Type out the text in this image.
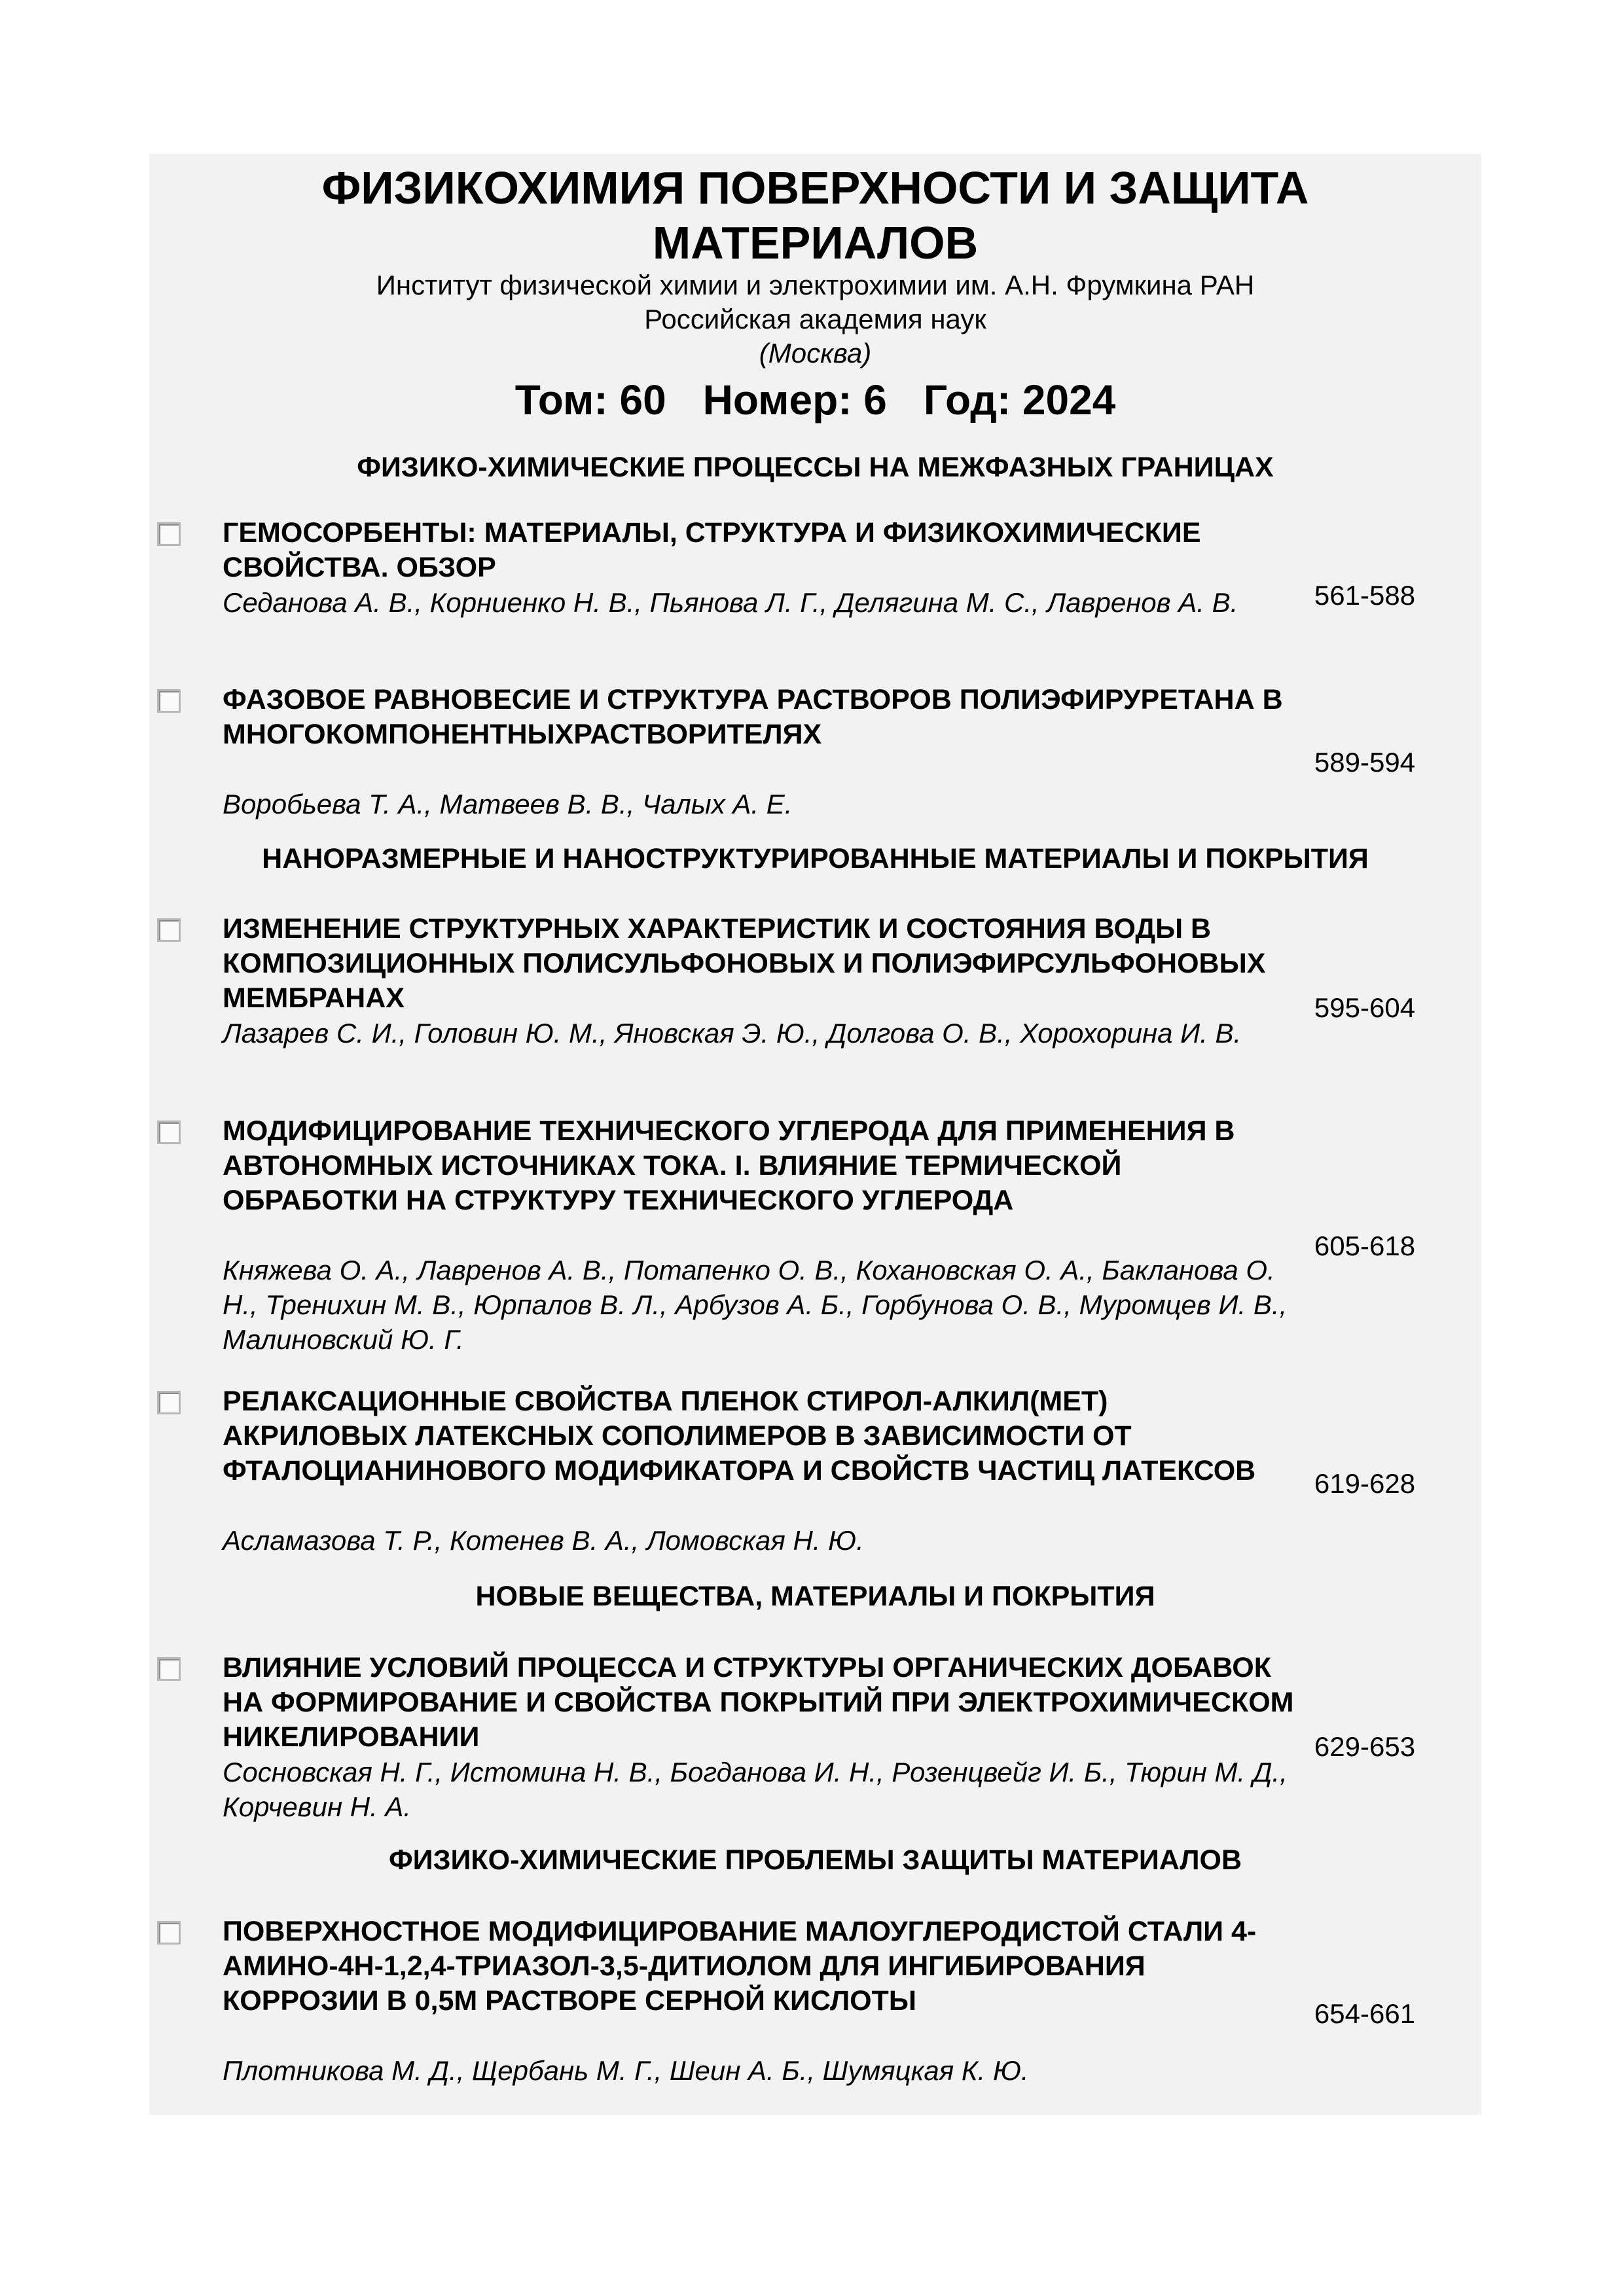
ФИЗИКОХИМИЯ ПОВЕРХНОСТИ И ЗАЩИТА
МАТЕРИАЛОВ
Институт физической химии и электрохимии им. А.Н. Фрумкина РАН
Российская академия наук
(Москва)
Том: 60 Номер: 6 Год: 2024
ФИЗИКО-ХИМИЧЕСКИЕ ПРОЦЕССЫ НА МЕЖФАЗНЫХ ГРАНИЦАХ

ГЕМОСОРБЕНТЫ: МАТЕРИАЛЫ, СТРУКТУРА И ФИЗИКОХИМИЧЕСКИЕ СВОЙСТВА. ОБЗОР

Седанова А. В., Корниенко Н. В., Пьянова Л. Г., Делягина М. С., Лавренов А. В.	561-588

ФАЗОВОЕ РАВНОВЕСИЕ И СТРУКТУРА РАСТВОРОВ ПОЛИЭФИРУРЕТАНА В МНОГОКОМПОНЕНТНЫХРАСТВОРИТЕЛЯХ

Воробьева Т. А., Матвеев В. В., Чалых А. Е.

589-594
НАНОРАЗМЕРНЫЕ И НАНОСТРУКТУРИРОВАННЫЕ МАТЕРИАЛЫ И ПОКРЫТИЯ

ИЗМЕНЕНИЕ СТРУКТУРНЫХ ХАРАКТЕРИСТИК И СОСТОЯНИЯ ВОДЫ В КОМПОЗИЦИОННЫХ ПОЛИСУЛЬФОНОВЫХ И ПОЛИЭФИРСУЛЬФОНОВЫХ МЕМБРАНАХ

Лазарев С. И., Головин Ю. М., Яновская Э. Ю., Долгова О. В., Хорохорина И. В.

595-604

МОДИФИЦИРОВАНИЕ ТЕХНИЧЕСКОГО УГЛЕРОДА ДЛЯ ПРИМЕНЕНИЯ В АВТОНОМНЫХ ИСТОЧНИКАХ ТОКА. I. ВЛИЯНИЕ ТЕРМИЧЕСКОЙ ОБРАБОТКИ НА СТРУКТУРУ ТЕХНИЧЕСКОГО УГЛЕРОДА

Княжева О. А., Лавренов А. В., Потапенко О. В., Кохановская О. А., Бакланова О. Н., Тренихин М. В., Юрпалов В. Л., Арбузов А. Б., Горбунова О. В., Муромцев И. В., Малиновский Ю. Г.

605-618

РЕЛАКСАЦИОННЫЕ СВОЙСТВА ПЛЕНОК СТИРОЛ-АЛКИЛ(МЕТ) АКРИЛОВЫХ ЛАТЕКСНЫХ СОПОЛИМЕРОВ В ЗАВИСИМОСТИ ОТ ФТАЛОЦИАНИНОВОГО МОДИФИКАТОРА И СВОЙСТВ ЧАСТИЦ ЛАТЕКСОВ

Асламазова Т. Р., Котенев В. А., Ломовская Н. Ю.

619-628
НОВЫЕ ВЕЩЕСТВА, МАТЕРИАЛЫ И ПОКРЫТИЯ

ВЛИЯНИЕ УСЛОВИЙ ПРОЦЕССА И СТРУКТУРЫ ОРГАНИЧЕСКИХ ДОБАВОК НА ФОРМИРОВАНИЕ И СВОЙСТВА ПОКРЫТИЙ ПРИ ЭЛЕКТРОХИМИЧЕСКОМ НИКЕЛИРОВАНИИ

Сосновская Н. Г., Истомина Н. В., Богданова И. Н., Розенцвейг И. Б., Тюрин М. Д., Корчевин Н. А.

629-653
ФИЗИКО-ХИМИЧЕСКИЕ ПРОБЛЕМЫ ЗАЩИТЫ МАТЕРИАЛОВ

ПОВЕРХНОСТНОЕ МОДИФИЦИРОВАНИЕ МАЛОУГЛЕРОДИСТОЙ СТАЛИ 4-АМИНО-4Н-1,2,4-ТРИАЗОЛ-3,5-ДИТИОЛОМ ДЛЯ ИНГИБИРОВАНИЯ КОРРОЗИИ В 0,5М РАСТВОРЕ СЕРНОЙ КИСЛОТЫ

Плотникова М. Д., Щербань М. Г., Шеин А. Б., Шумяцкая К. Ю.

654-661
